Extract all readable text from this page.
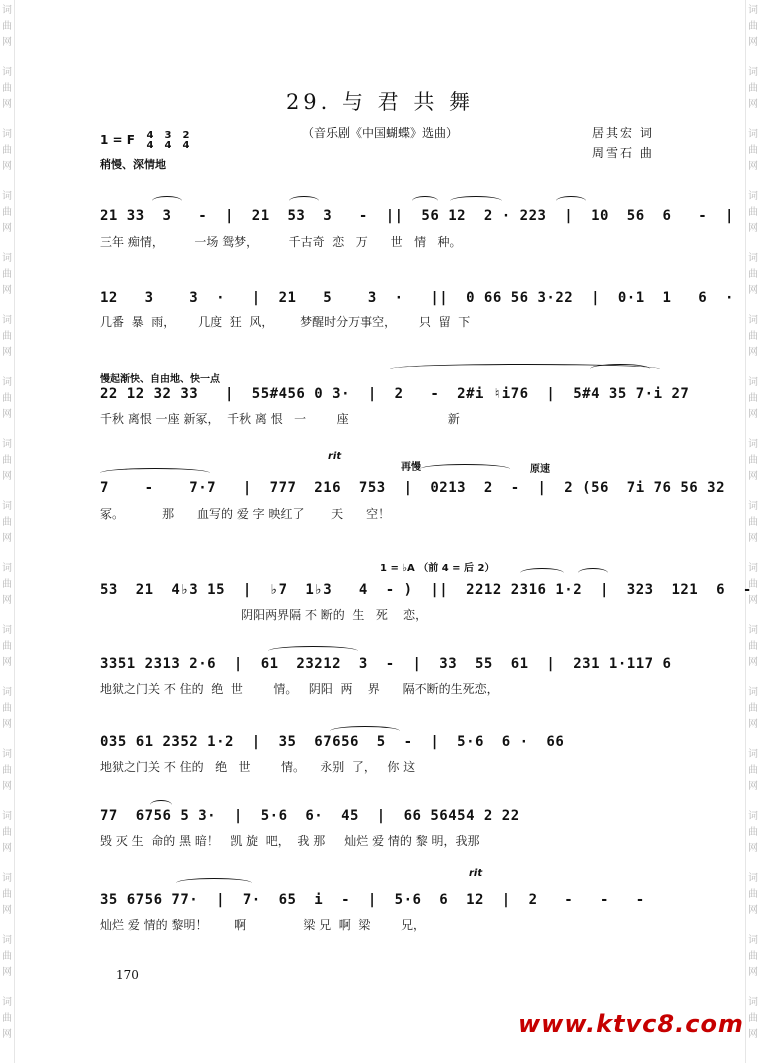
词
曲
网
词
曲
网
词
曲
网
词
曲
网
词
曲
网
词
曲
网
词
曲
网
词
曲
网
词
曲
网
词
曲
网
词
曲
网
词
曲
网
词
曲
网
词
曲
网
词
曲
网
词
曲
网
词
曲
网
词
曲
网
词
曲
网
词
曲
网
词
曲
网
词
曲
网
词
曲
网
词
曲
网
词
曲
网
词
曲
网
词
曲
网
词
曲
网
词
曲
网
词
曲
网
词
曲
网
词
曲
网
词
曲
网
词
曲
网
29. 与 君 共 舞
（音乐剧《中国蝴蝶》选曲）	居其宏 词
周雪石 曲
1 = F 4
4
3
4
2
4
稍慢、深情地
慢起渐快、自由地、快一点
rit
再慢	原速
1 = ♭A （前 4 = 后 2）
rit
21 33  3   -  |  21  53  3   -  ||  56 12  2 · 223  |  10  56  6   -  |
三年 痴情，        一场 鸳梦，        千古奇  恋   万      世   情   种。
12   3    3  ·   |  21   5    3  ·   ||  0 66 56 3·22  |  0·1  1   6  ·
几番  暴  雨，      几度  狂  风，       梦醒时分万事空，      只  留  下
22 12 32 33   |  55#456 0 3·  |  2   -  2#i ♮i76  |  5#4 35 7·i 27
千秋 离恨 一座 新冢，  千秋 离 恨   一        座                          新
7    -    7·7   |  777  216  753  |  0213  2  -  |  2 (56  7i 76 56 32
冢。          那      血写的 爱 字 映红了       天      空！
53  21  4♭3 15  |  ♭7  1♭3   4  - )  ||  2212 2316 1·2  |  323  121  6  -
阴阳两界隔 不 断的  生   死    恋，
3351 2313 2·6  |  61  23212  3  -  |  33  55  61  |  231 1·117 6
地狱之门关 不 住的  绝  世        情。   阴阳  两    界      隔不断的生死恋，
035 61 2352 1·2  |  35  67656  5  -  |  5·6  6 ·  66
地狱之门关 不 住的   绝   世        情。    永别  了，   你 这
77  6756 5 3·  |  5·6  6·  45  |  66 56454 2 22
毁 灭 生  命的 黑 暗！   凯 旋  吧，  我 那     灿烂 爱 情的 黎 明，我那
35 6756 77·  |  7·  65  i  -  |  5·6  6  12  |  2   -   -   -
灿烂 爱 情的 黎明！       啊               梁 兄  啊  梁        兄，
170
www.ktvc8.com
